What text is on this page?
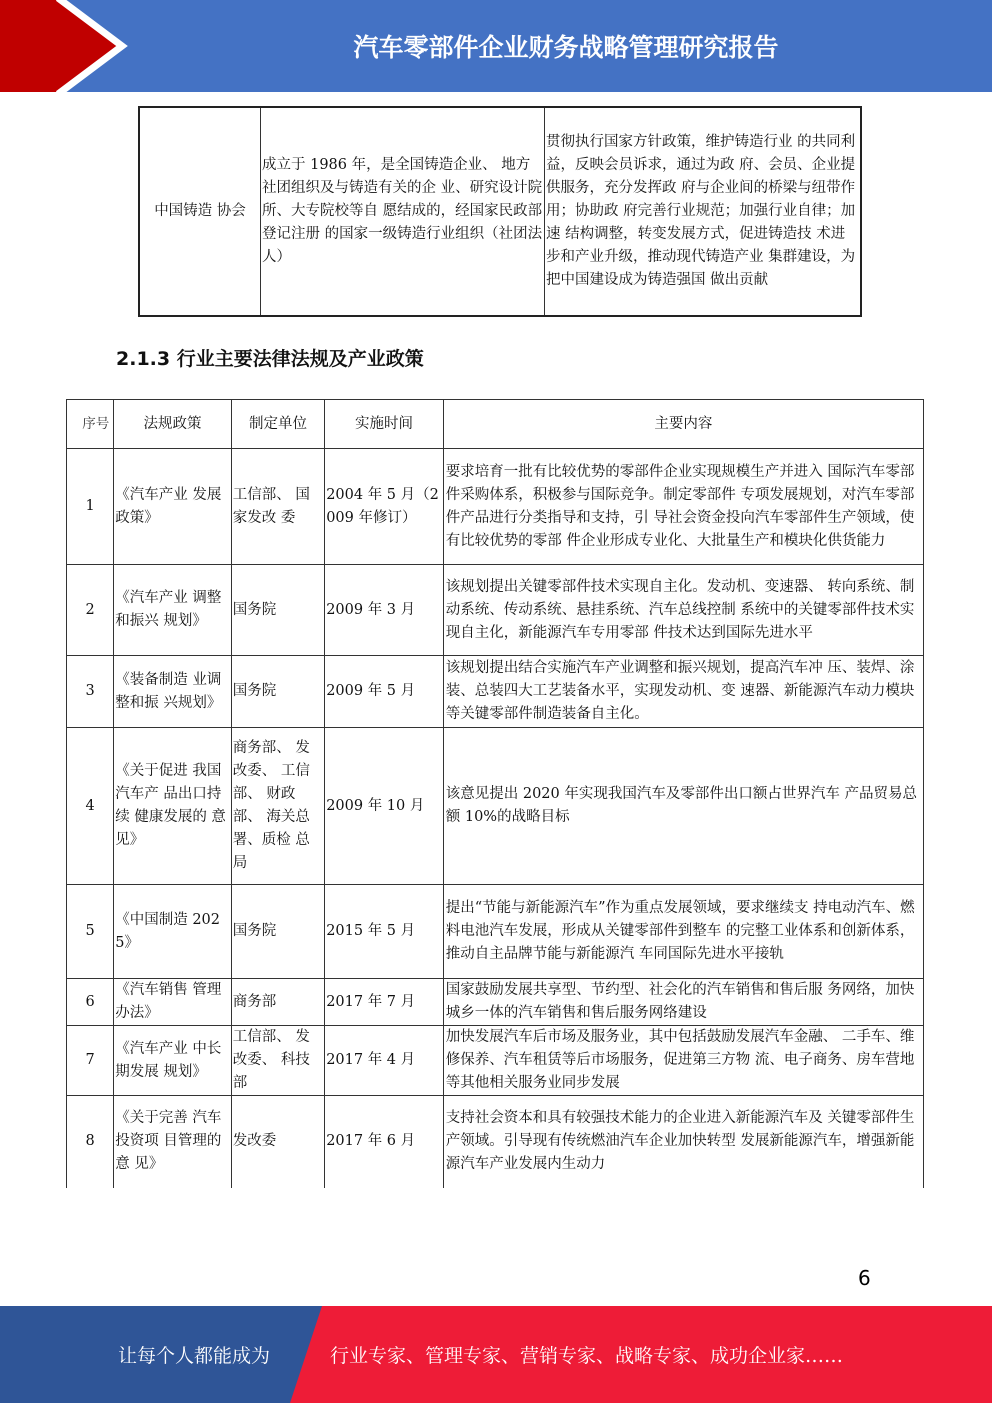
汽车零部件企业财务战略管理研究报告
中国铸造 协会	成立于 1986 年，是全国铸造企业、 地方社团组织及与铸造有关的企 业、研究设计院所、大专院校等自 愿结成的，经国家民政部登记注册 的国家一级铸造行业组织（社团法 人）	贯彻执行国家方针政策，维护铸造行业 的共同利益，反映会员诉求，通过为政 府、会员、企业提供服务，充分发挥政 府与企业间的桥梁与纽带作用；协助政 府完善行业规范；加强行业自律；加速 结构调整，转变发展方式，促进铸造技 术进步和产业升级，推动现代铸造产业 集群建设，为把中国建设成为铸造强国 做出贡献
2.1.3 行业主要法律法规及产业政策
序号	法规政策	制定单位	实施时间	主要内容
1	《汽车产业 发展政策》	工信部、 国家发改 委	2004 年 5 月（2009 年修订）	要求培育一批有比较优势的零部件企业实现规模生产并进入 国际汽车零部件采购体系，积极参与国际竞争。制定零部件 专项发展规划，对汽车零部件产品进行分类指导和支持，引 导社会资金投向汽车零部件生产领域，使有比较优势的零部 件企业形成专业化、大批量生产和模块化供货能力
2	《汽车产业 调整和振兴 规划》	国务院	2009 年 3 月	该规划提出关键零部件技术实现自主化。发动机、变速器、 转向系统、制动系统、传动系统、悬挂系统、汽车总线控制 系统中的关键零部件技术实现自主化，新能源汽车专用零部 件技术达到国际先进水平
3	《装备制造 业调整和振 兴规划》	国务院	2009 年 5 月	该规划提出结合实施汽车产业调整和振兴规划，提高汽车冲 压、装焊、涂装、总装四大工艺装备水平，实现发动机、变 速器、新能源汽车动力模块等关键零部件制造装备自主化。
4	《关于促进 我国汽车产 品出口持续 健康发展的 意见》	商务部、 发改委、 工信部、 财政部、 海关总署、质检 总局	2009 年 10 月	该意见提出 2020 年实现我国汽车及零部件出口额占世界汽车 产品贸易总额 10%的战略目标
5	《中国制造 2025》	国务院	2015 年 5 月	提出“节能与新能源汽车”作为重点发展领域，要求继续支 持电动汽车、燃料电池汽车发展，形成从关键零部件到整车 的完整工业体系和创新体系，推动自主品牌节能与新能源汽 车同国际先进水平接轨
6	《汽车销售 管理办法》	商务部	2017 年 7 月	国家鼓励发展共享型、节约型、社会化的汽车销售和售后服 务网络，加快城乡一体的汽车销售和售后服务网络建设
7	《汽车产业 中长期发展 规划》	工信部、 发改委、 科技部	2017 年 4 月	加快发展汽车后市场及服务业，其中包括鼓励发展汽车金融、 二手车、维修保养、汽车租赁等后市场服务，促进第三方物 流、电子商务、房车营地等其他相关服务业同步发展
8	《关于完善 汽车投资项 目管理的意 见》	发改委	2017 年 6 月	支持社会资本和具有较强技术能力的企业进入新能源汽车及 关键零部件生产领域。引导现有传统燃油汽车企业加快转型 发展新能源汽车，增强新能源汽车产业发展内生动力
6
让每个人都能成为	行业专家、管理专家、营销专家、战略专家、成功企业家……
